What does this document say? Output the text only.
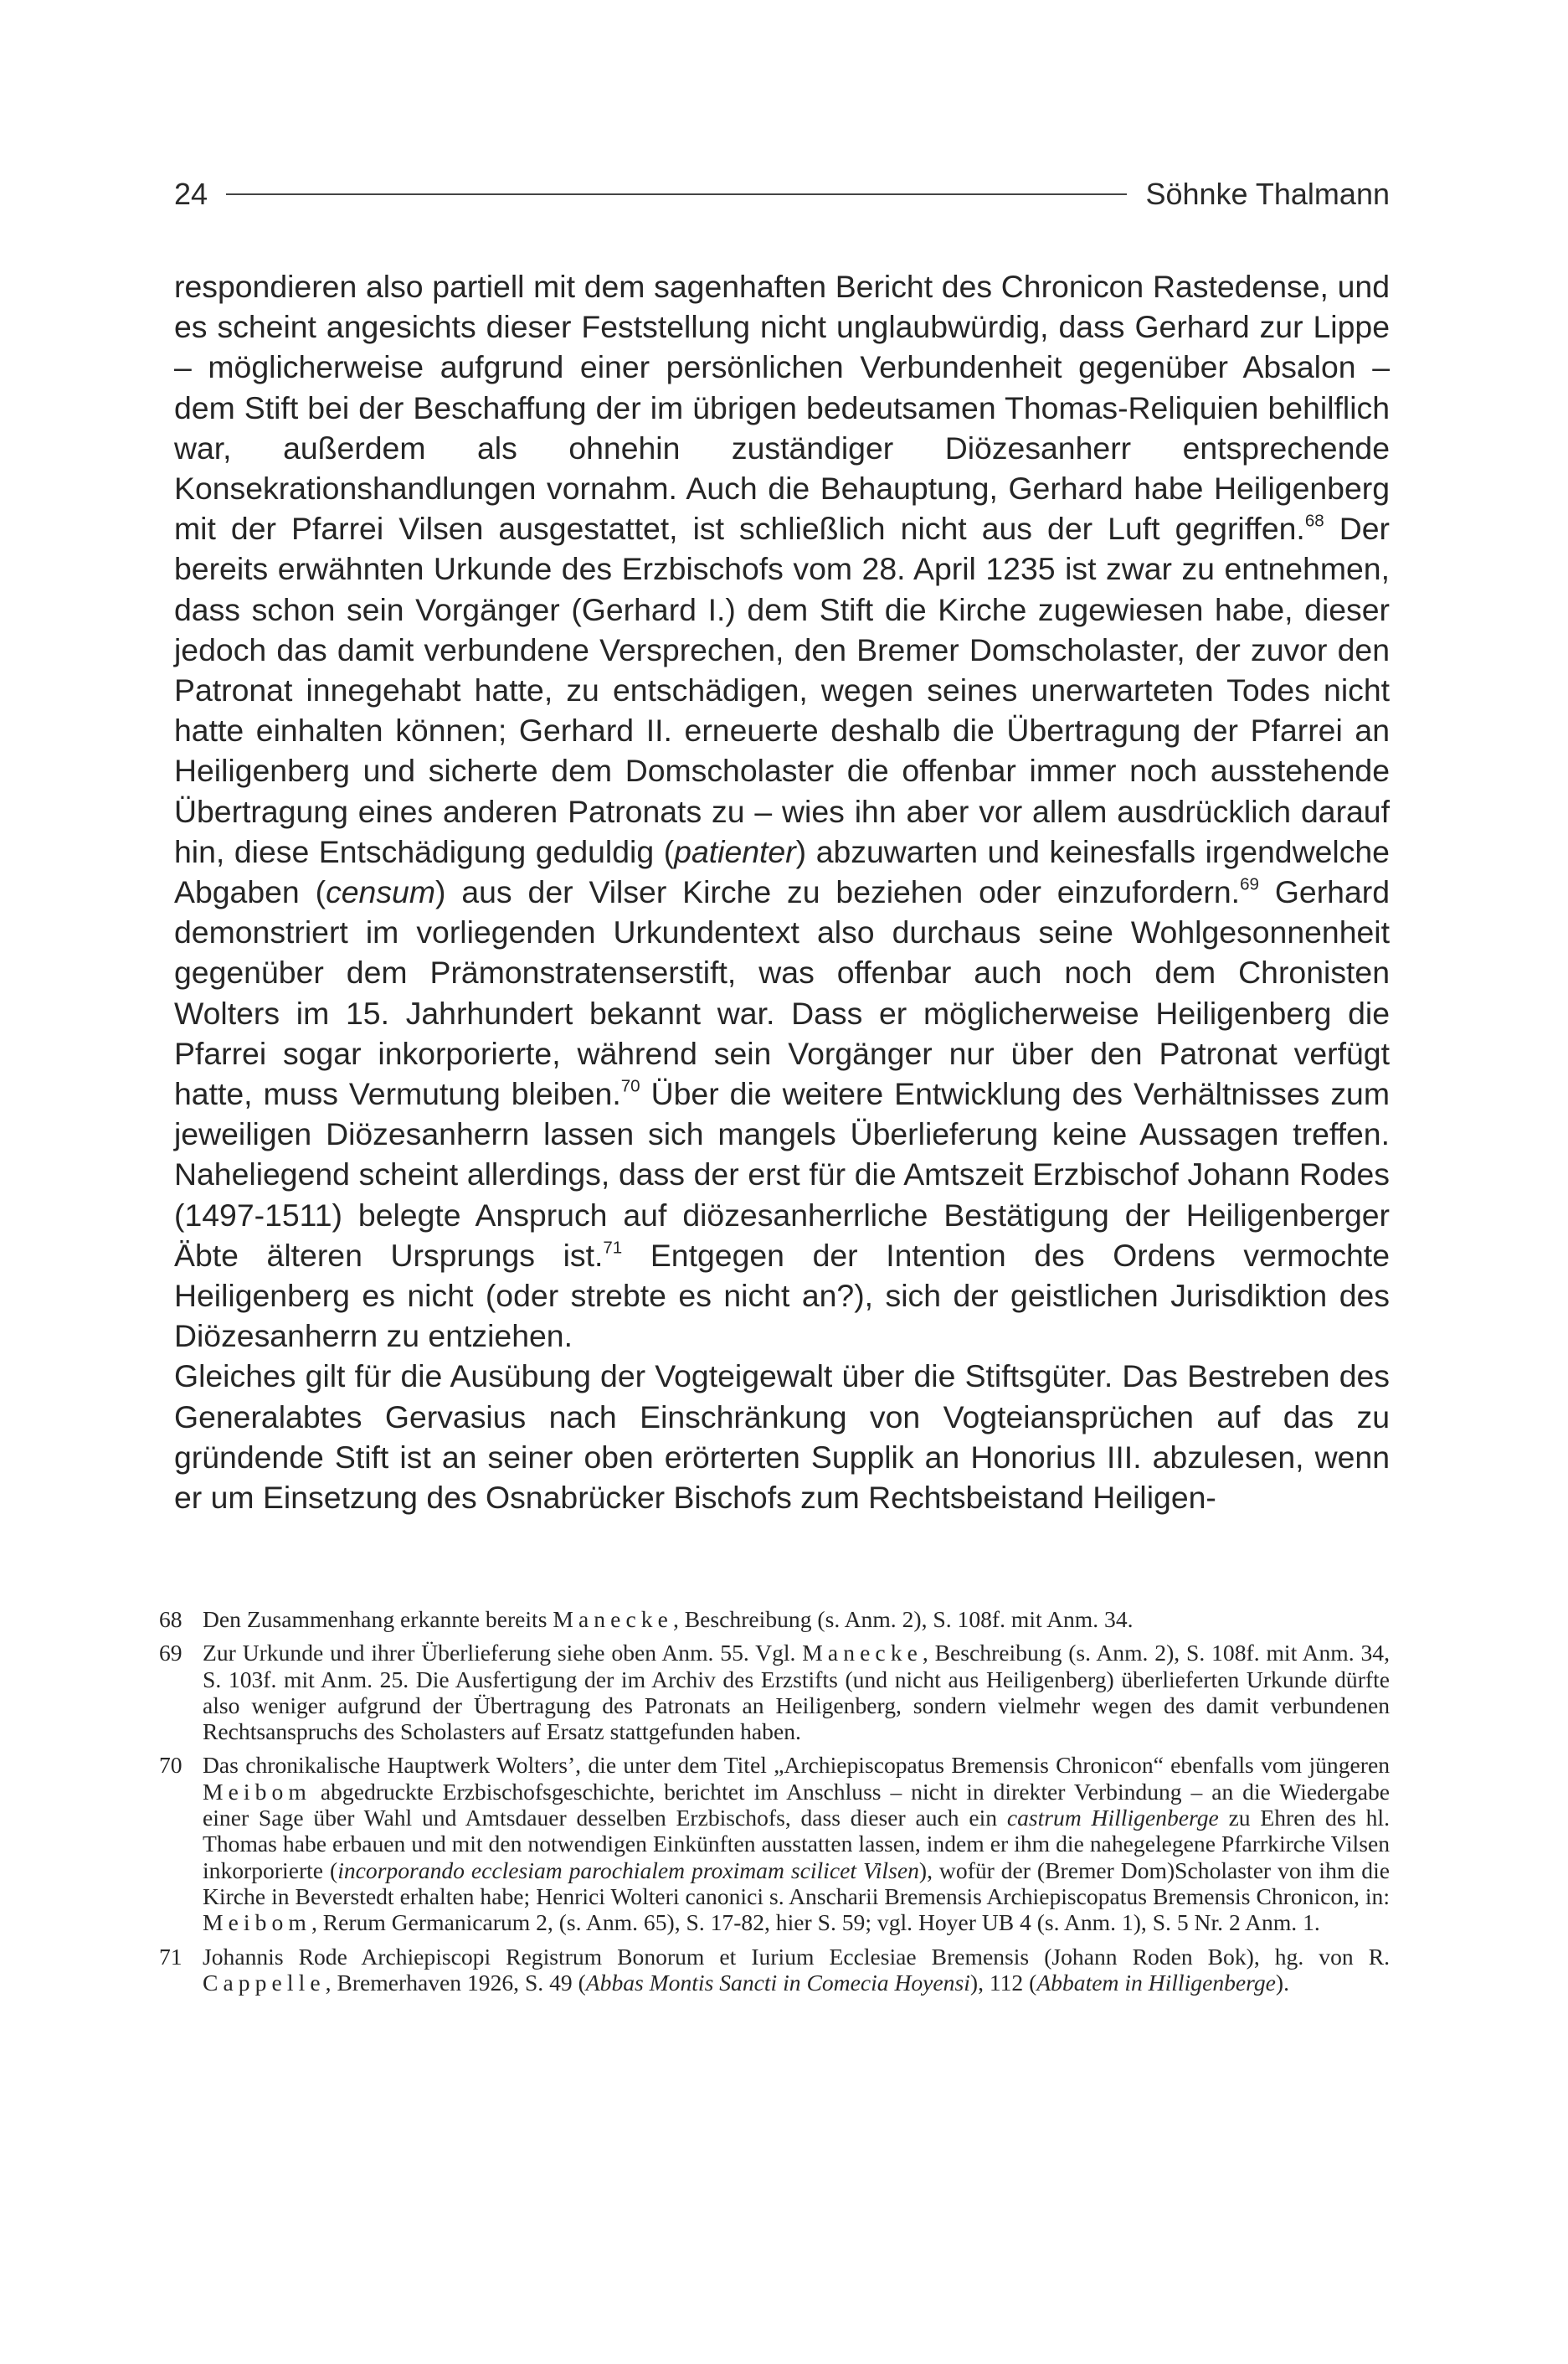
24	Söhnke Thalmann

respondieren also partiell mit dem sagenhaften Bericht des Chronicon Rastedense, und es scheint angesichts dieser Feststellung nicht unglaubwürdig, dass Gerhard zur Lippe – möglicherweise aufgrund einer persönlichen Verbundenheit gegenüber Absalon – dem Stift bei der Beschaffung der im übrigen bedeutsamen Thomas-Reliquien behilflich war, außerdem als ohnehin zuständiger Diözesanherr entsprechende Konsekrationshandlungen vornahm. Auch die Behauptung, Gerhard habe Heiligenberg mit der Pfarrei Vilsen ausgestattet, ist schließlich nicht aus der Luft gegriffen.$^{68}$ Der bereits erwähnten Urkunde des Erzbischofs vom 28. April 1235 ist zwar zu entnehmen, dass schon sein Vorgänger (Gerhard I.) dem Stift die Kirche zugewiesen habe, dieser jedoch das damit verbundene Versprechen, den Bremer Domscholaster, der zuvor den Patronat innegehabt hatte, zu entschädigen, wegen seines unerwarteten Todes nicht hatte einhalten können; Gerhard II. erneuerte deshalb die Übertragung der Pfarrei an Heiligenberg und sicherte dem Domscholaster die offenbar immer noch ausstehende Übertragung eines anderen Patronats zu – wies ihn aber vor allem ausdrücklich darauf hin, diese Entschädigung geduldig (patienter) abzuwarten und keinesfalls irgendwelche Abgaben (censum) aus der Vilser Kirche zu beziehen oder einzufordern.$^{69}$ Gerhard demonstriert im vorliegenden Urkundentext also durchaus seine Wohlgesonnenheit gegenüber dem Prämonstratenserstift, was offenbar auch noch dem Chronisten Wolters im 15. Jahrhundert bekannt war. Dass er möglicherweise Heiligenberg die Pfarrei sogar inkorporierte, während sein Vorgänger nur über den Patronat verfügt hatte, muss Vermutung bleiben.$^{70}$ Über die weitere Entwicklung des Verhältnisses zum jeweiligen Diözesanherrn lassen sich mangels Überlieferung keine Aussagen treffen. Naheliegend scheint allerdings, dass der erst für die Amtszeit Erzbischof Johann Rodes (1497-1511) belegte Anspruch auf diözesanherrliche Bestätigung der Heiligenberger Äbte älteren Ursprungs ist.$^{71}$ Entgegen der Intention des Ordens vermochte Heiligenberg es nicht (oder strebte es nicht an?), sich der geistlichen Jurisdiktion des Diözesanherrn zu entziehen.

Gleiches gilt für die Ausübung der Vogteigewalt über die Stiftsgüter. Das Bestreben des Generalabtes Gervasius nach Einschränkung von Vogteiansprüchen auf das zu gründende Stift ist an seiner oben erörterten Supplik an Honorius III. abzulesen, wenn er um Einsetzung des Osnabrücker Bischofs zum Rechtsbeistand Heiligen-

68 Den Zusammenhang erkannte bereits Manecke, Beschreibung (s. Anm. 2), S. 108f. mit Anm. 34.
69 Zur Urkunde und ihrer Überlieferung siehe oben Anm. 55. Vgl. Manecke, Beschreibung (s. Anm. 2), S. 108f. mit Anm. 34, S. 103f. mit Anm. 25. Die Ausfertigung der im Archiv des Erzstifts (und nicht aus Heiligenberg) überlieferten Urkunde dürfte also weniger aufgrund der Übertragung des Patronats an Heiligenberg, sondern vielmehr wegen des damit verbundenen Rechtsanspruchs des Scholasters auf Ersatz stattgefunden haben.
70 Das chronikalische Hauptwerk Wolters’, die unter dem Titel „Archiepiscopatus Bremensis Chronicon“ ebenfalls vom jüngeren Meibom abgedruckte Erzbischofsgeschichte, berichtet im Anschluss – nicht in direkter Verbindung – an die Wiedergabe einer Sage über Wahl und Amtsdauer desselben Erzbischofs, dass dieser auch ein castrum Hilligenberge zu Ehren des hl. Thomas habe erbauen und mit den notwendigen Einkünften ausstatten lassen, indem er ihm die nahegelegene Pfarrkirche Vilsen inkorporierte (incorporando ecclesiam parochialem proximam scilicet Vilsen), wofür der (Bremer Dom)Scholaster von ihm die Kirche in Beverstedt erhalten habe; Henrici Wolteri canonici s. Anscharii Bremensis Archiepiscopatus Bremensis Chronicon, in: Meibom, Rerum Germanicarum 2, (s. Anm. 65), S. 17-82, hier S. 59; vgl. Hoyer UB 4 (s. Anm. 1), S. 5 Nr. 2 Anm. 1.
71 Johannis Rode Archiepiscopi Registrum Bonorum et Iurium Ecclesiae Bremensis (Johann Roden Bok), hg. von R. Cappelle, Bremerhaven 1926, S. 49 (Abbas Montis Sancti in Comecia Hoyensi), 112 (Abbatem in Hilligenberge).
